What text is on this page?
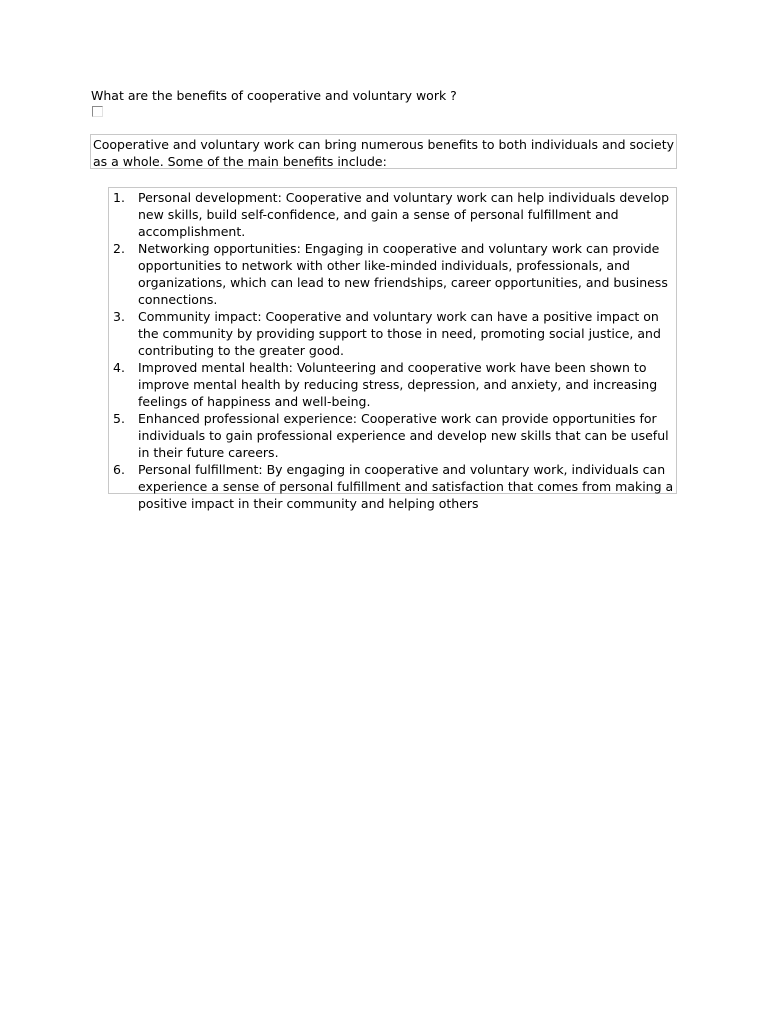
What are the benefits of cooperative and voluntary work ?
Cooperative and voluntary work can bring numerous benefits to both individuals and society as a whole. Some of the main benefits include:
1. Personal development: Cooperative and voluntary work can help individuals develop new skills, build self-confidence, and gain a sense of personal fulfillment and accomplishment.
2. Networking opportunities: Engaging in cooperative and voluntary work can provide opportunities to network with other like-minded individuals, professionals, and organizations, which can lead to new friendships, career opportunities, and business connections.
3. Community impact: Cooperative and voluntary work can have a positive impact on the community by providing support to those in need, promoting social justice, and contributing to the greater good.
4. Improved mental health: Volunteering and cooperative work have been shown to improve mental health by reducing stress, depression, and anxiety, and increasing feelings of happiness and well-being.
5. Enhanced professional experience: Cooperative work can provide opportunities for individuals to gain professional experience and develop new skills that can be useful in their future careers.
6. Personal fulfillment: By engaging in cooperative and voluntary work, individuals can experience a sense of personal fulfillment and satisfaction that comes from making a positive impact in their community and helping others
